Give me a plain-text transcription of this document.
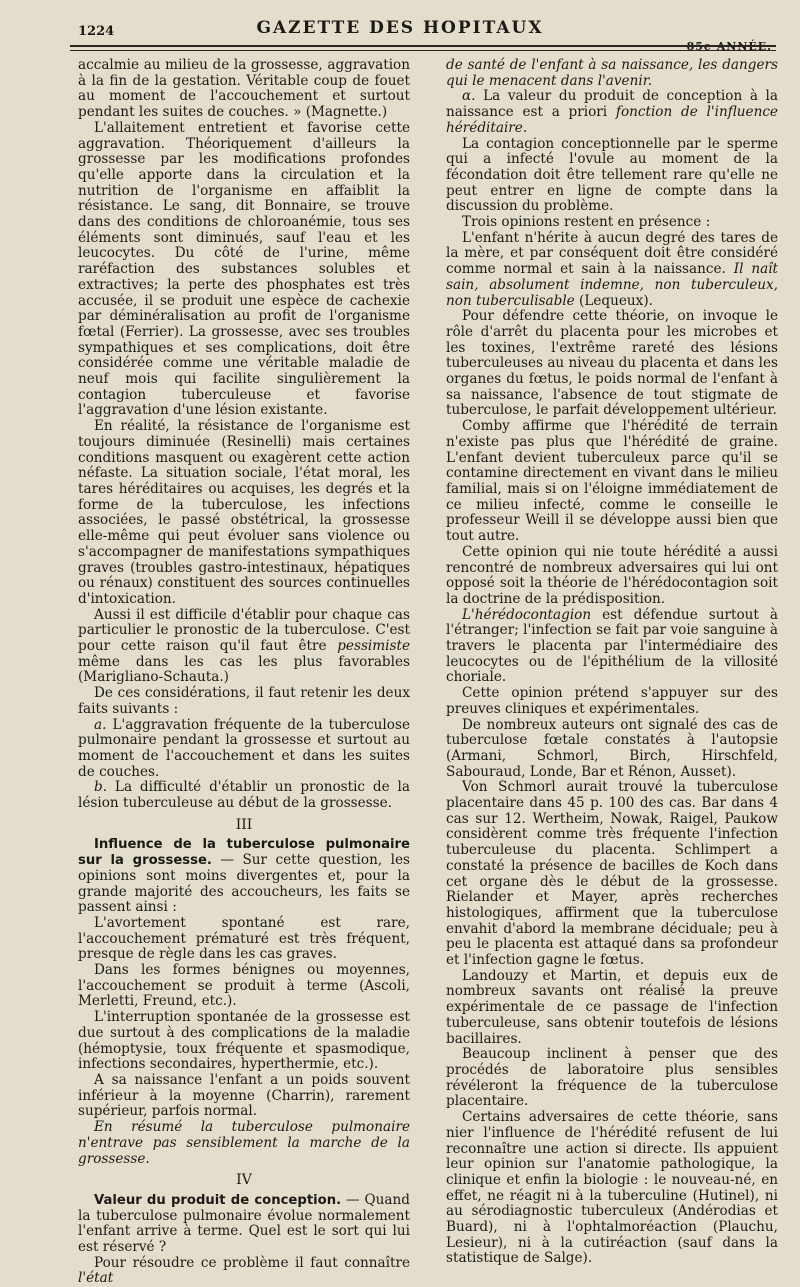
1224	GAZETTE DES HOPITAUX
85e ANNÉE.

accalmie au milieu de la grossesse, aggravation à la fin de la gestation. Véritable coup de fouet au moment de l'accouchement et surtout pendant les suites de couches. » (Magnette.)

L'allaitement entretient et favorise cette aggravation. Théoriquement d'ailleurs la grossesse par les modifications profondes qu'elle apporte dans la circulation et la nutrition de l'organisme en affaiblit la résistance. Le sang, dit Bonnaire, se trouve dans des conditions de chloroanémie, tous ses éléments sont diminués, sauf l'eau et les leucocytes. Du côté de l'urine, même raréfaction des substances solubles et extractives; la perte des phosphates est très accusée, il se produit une espèce de cachexie par déminéralisation au profit de l'organisme fœtal (Ferrier). La grossesse, avec ses troubles sympathiques et ses complications, doit être considérée comme une véritable maladie de neuf mois qui facilite singulièrement la contagion tuberculeuse et favorise l'aggravation d'une lésion existante.

En réalité, la résistance de l'organisme est toujours diminuée (Resinelli) mais certaines conditions masquent ou exagèrent cette action néfaste. La situation sociale, l'état moral, les tares héréditaires ou acquises, les degrés et la forme de la tuberculose, les infections associées, le passé obstétrical, la grossesse elle-même qui peut évoluer sans violence ou s'accompagner de manifestations sympathiques graves (troubles gastro-intestinaux, hépatiques ou rénaux) constituent des sources continuelles d'intoxication.

Aussi il est difficile d'établir pour chaque cas particulier le pronostic de la tuberculose. C'est pour cette raison qu'il faut être pessimiste même dans les cas les plus favorables (Marigliano-Schauta.)

De ces considérations, il faut retenir les deux faits suivants :

a. L'aggravation fréquente de la tuberculose pulmonaire pendant la grossesse et surtout au moment de l'accouchement et dans les suites de couches.

b. La difficulté d'établir un pronostic de la lésion tuberculeuse au début de la grossesse.

III

Influence de la tuberculose pulmonaire sur la grossesse. — Sur cette question, les opinions sont moins divergentes et, pour la grande majorité des accoucheurs, les faits se passent ainsi :

L'avortement spontané est rare, l'accouchement prématuré est très fréquent, presque de règle dans les cas graves.

Dans les formes bénignes ou moyennes, l'accouchement se produit à terme (Ascoli, Merletti, Freund, etc.).

L'interruption spontanée de la grossesse est due surtout à des complications de la maladie (hémoptysie, toux fréquente et spasmodique, infections secondaires, hyperthermie, etc.).

A sa naissance l'enfant a un poids souvent inférieur à la moyenne (Charrin), rarement supérieur, parfois normal.

En résumé la tuberculose pulmonaire n'entrave pas sensiblement la marche de la grossesse.

IV

Valeur du produit de conception. — Quand la tuberculose pulmonaire évolue normalement l'enfant arrive à terme. Quel est le sort qui lui est réservé ?

Pour résoudre ce problème il faut connaître l'état

de santé de l'enfant à sa naissance, les dangers qui le menacent dans l'avenir.

α. La valeur du produit de conception à la naissance est a priori fonction de l'influence héréditaire.

La contagion conceptionnelle par le sperme qui a infecté l'ovule au moment de la fécondation doit être tellement rare qu'elle ne peut entrer en ligne de compte dans la discussion du problème.

Trois opinions restent en présence :

L'enfant n'hérite à aucun degré des tares de la mère, et par conséquent doit être considéré comme normal et sain à la naissance. Il naît sain, absolument indemne, non tuberculeux, non tuberculisable (Lequeux).

Pour défendre cette théorie, on invoque le rôle d'arrêt du placenta pour les microbes et les toxines, l'extrême rareté des lésions tuberculeuses au niveau du placenta et dans les organes du fœtus, le poids normal de l'enfant à sa naissance, l'absence de tout stigmate de tuberculose, le parfait développement ultérieur.

Comby affirme que l'hérédité de terrain n'existe pas plus que l'hérédité de graine. L'enfant devient tuberculeux parce qu'il se contamine directement en vivant dans le milieu familial, mais si on l'éloigne immédiatement de ce milieu infecté, comme le conseille le professeur Weill il se développe aussi bien que tout autre.

Cette opinion qui nie toute hérédité a aussi rencontré de nombreux adversaires qui lui ont opposé soit la théorie de l'hérédocontagion soit la doctrine de la prédisposition.

L'hérédocontagion est défendue surtout à l'étranger; l'infection se fait par voie sanguine à travers le placenta par l'intermédiaire des leucocytes ou de l'épithélium de la villosité choriale.

Cette opinion prétend s'appuyer sur des preuves cliniques et expérimentales.

De nombreux auteurs ont signalé des cas de tuberculose fœtale constatés à l'autopsie (Armani, Schmorl, Birch, Hirschfeld, Sabouraud, Londe, Bar et Rénon, Ausset).

Von Schmorl aurait trouvé la tuberculose placentaire dans 45 p. 100 des cas. Bar dans 4 cas sur 12. Wertheim, Nowak, Raigel, Paukow considèrent comme très fréquente l'infection tuberculeuse du placenta. Schlimpert a constaté la présence de bacilles de Koch dans cet organe dès le début de la grossesse. Rielander et Mayer, après recherches histologiques, affirment que la tuberculose envahit d'abord la membrane déciduale; peu à peu le placenta est attaqué dans sa profondeur et l'infection gagne le fœtus.

Landouzy et Martin, et depuis eux de nombreux savants ont réalisé la preuve expérimentale de ce passage de l'infection tuberculeuse, sans obtenir toutefois de lésions bacillaires.

Beaucoup inclinent à penser que des procédés de laboratoire plus sensibles révéleront la fréquence de la tuberculose placentaire.

Certains adversaires de cette théorie, sans nier l'influence de l'hérédité refusent de lui reconnaître une action si directe. Ils appuient leur opinion sur l'anatomie pathologique, la clinique et enfin la biologie : le nouveau-né, en effet, ne réagit ni à la tuberculine (Hutinel), ni au sérodiagnostic tuberculeux (Andérodias et Buard), ni à l'ophtalmoréaction (Plauchu, Lesieur), ni à la cutiréaction (sauf dans la statistique de Salge).
